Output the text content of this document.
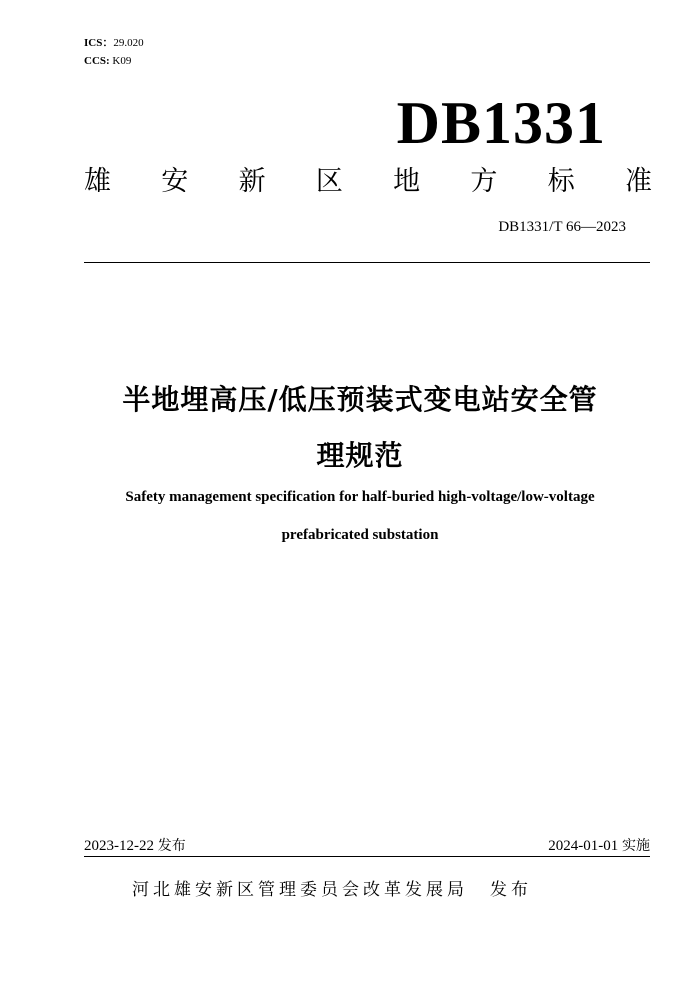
ICS：29.020
CCS: K09
DB1331
雄 安 新 区 地 方 标 准
DB1331/T 66—2023
半地埋高压/低压预装式变电站安全管
理规范
Safety management specification for half-buried high-voltage/low-voltage
prefabricated substation
2023-12-22 发布	2024-01-01 实施
河北雄安新区管理委员会改革发展局 发布
